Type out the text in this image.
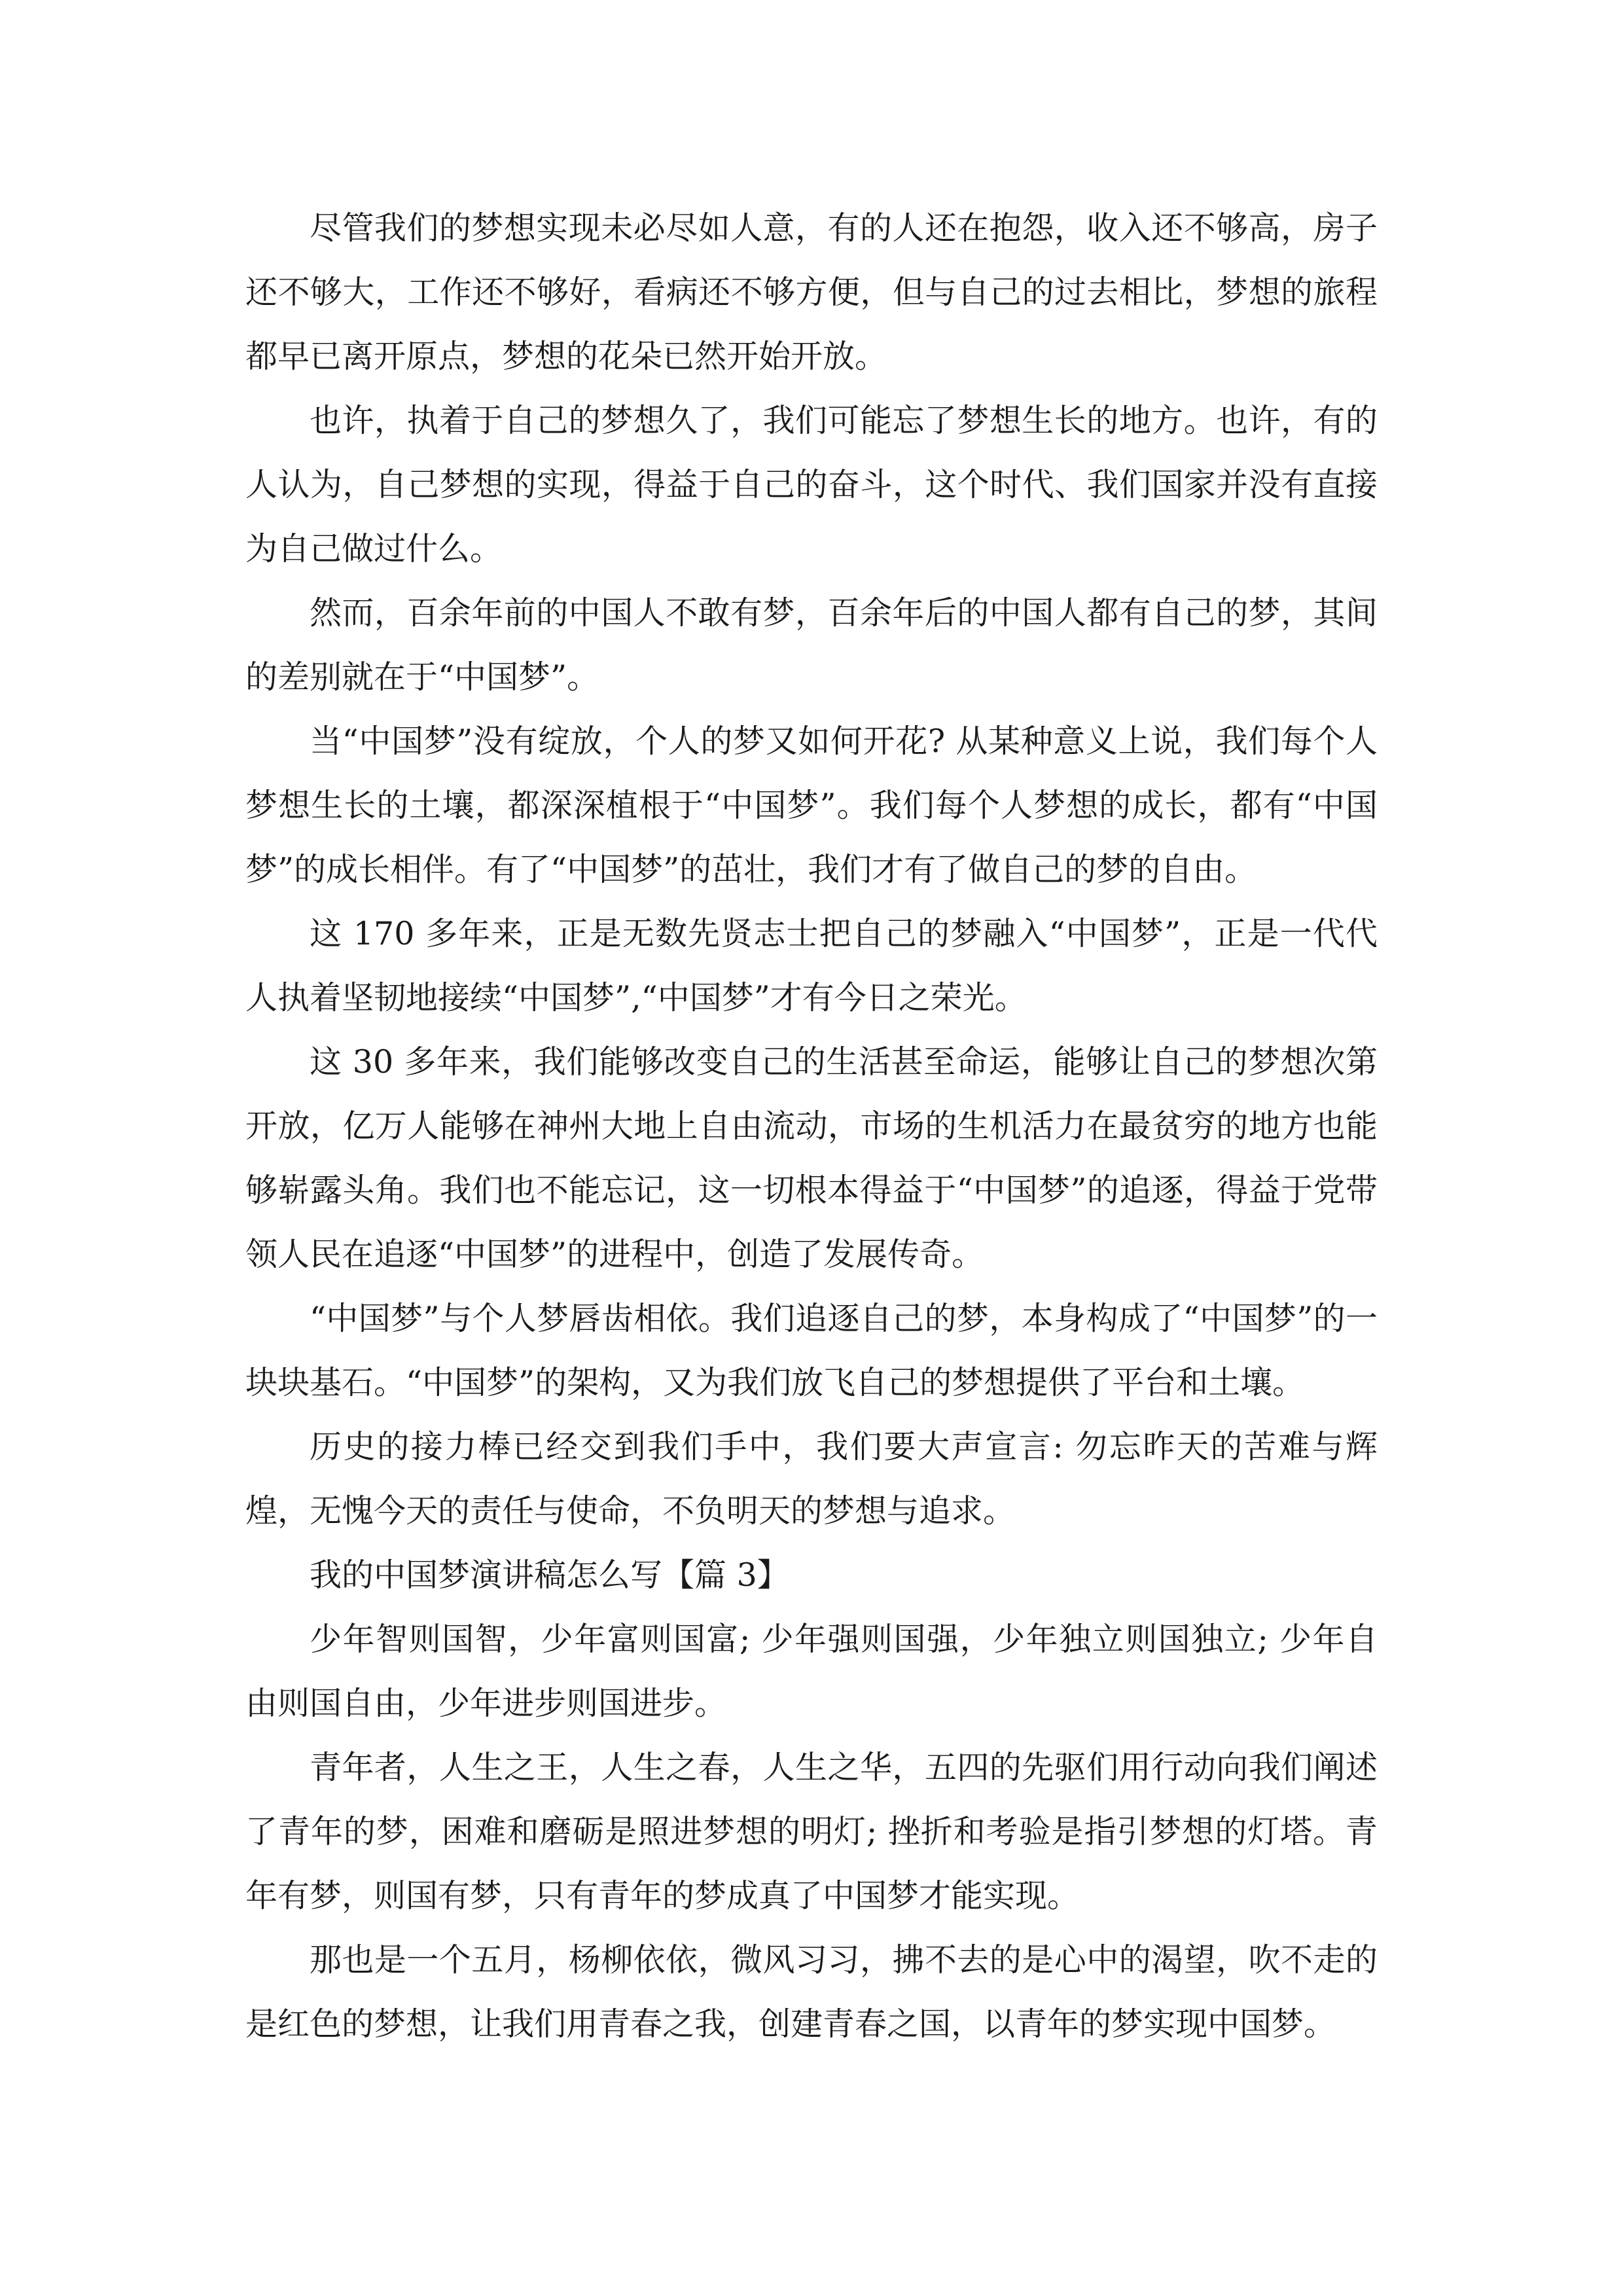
尽管我们的梦想实现未必尽如人意，有的人还在抱怨，收入还不够高，房子还不够大，工作还不够好，看病还不够方便，但与自己的过去相比，梦想的旅程都早已离开原点，梦想的花朵已然开始开放。

也许，执着于自己的梦想久了，我们可能忘了梦想生长的地方。也许，有的人认为，自己梦想的实现，得益于自己的奋斗，这个时代、我们国家并没有直接为自己做过什么。

然而，百余年前的中国人不敢有梦，百余年后的中国人都有自己的梦，其间的差别就在于“中国梦”。

当“中国梦”没有绽放，个人的梦又如何开花? 从某种意义上说，我们每个人梦想生长的土壤，都深深植根于“中国梦”。我们每个人梦想的成长，都有“中国梦”的成长相伴。有了“中国梦”的茁壮，我们才有了做自己的梦的自由。

这 170 多年来，正是无数先贤志士把自己的梦融入“中国梦”，正是一代代人执着坚韧地接续“中国梦”,“中国梦”才有今日之荣光。

这 30 多年来，我们能够改变自己的生活甚至命运，能够让自己的梦想次第开放，亿万人能够在神州大地上自由流动，市场的生机活力在最贫穷的地方也能够崭露头角。我们也不能忘记，这一切根本得益于“中国梦”的追逐，得益于党带领人民在追逐“中国梦”的进程中，创造了发展传奇。

“中国梦”与个人梦唇齿相依。我们追逐自己的梦，本身构成了“中国梦”的一块块基石。“中国梦”的架构，又为我们放飞自己的梦想提供了平台和土壤。

历史的接力棒已经交到我们手中，我们要大声宣言: 勿忘昨天的苦难与辉煌，无愧今天的责任与使命，不负明天的梦想与追求。

我的中国梦演讲稿怎么写【篇 3】

少年智则国智，少年富则国富; 少年强则国强，少年独立则国独立; 少年自由则国自由，少年进步则国进步。

青年者，人生之王，人生之春，人生之华，五四的先驱们用行动向我们阐述了青年的梦，困难和磨砺是照进梦想的明灯; 挫折和考验是指引梦想的灯塔。青年有梦，则国有梦，只有青年的梦成真了中国梦才能实现。

那也是一个五月，杨柳依依，微风习习，拂不去的是心中的渴望，吹不走的是红色的梦想，让我们用青春之我，创建青春之国，以青年的梦实现中国梦。
